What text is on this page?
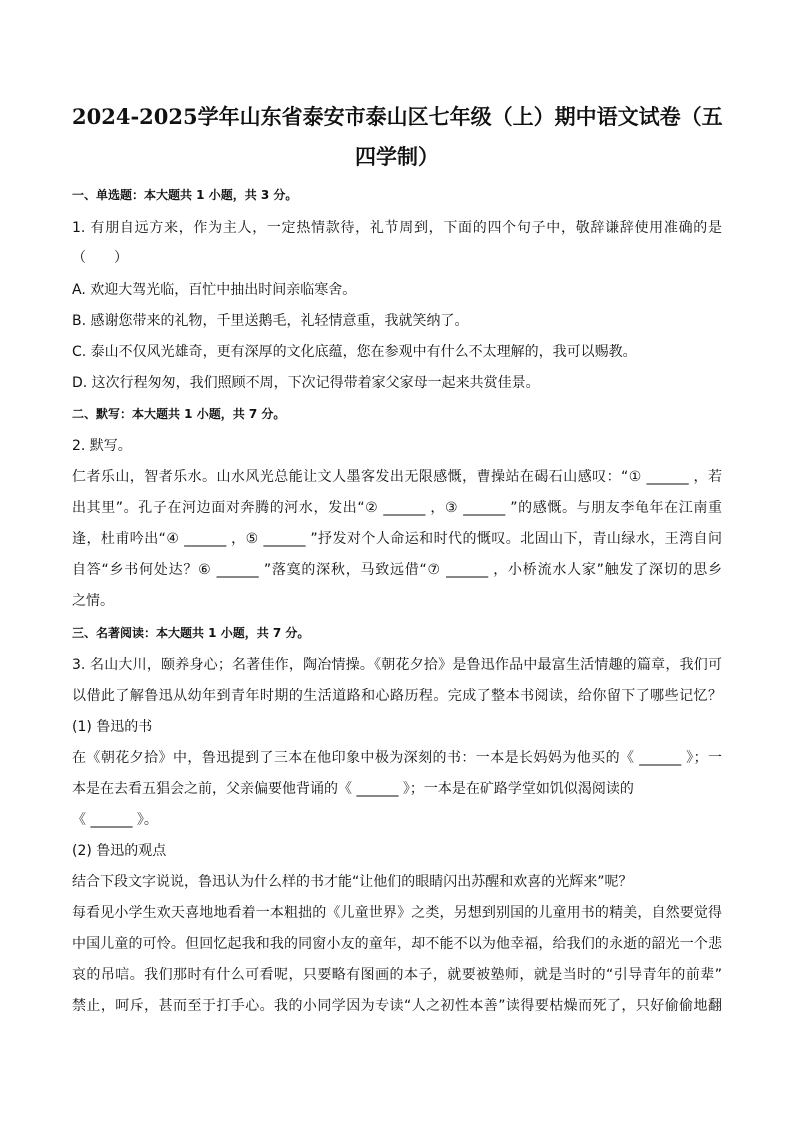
2024-2025学年山东省泰安市泰山区七年级（上）期中语文试卷（五
四学制）
一、单选题：本大题共 1 小题，共 3 分。
1. 有朋自远方来，作为主人，一定热情款待，礼节周到，下面的四个句子中，敬辞谦辞使用准确的是
（　　）
A. 欢迎大驾光临，百忙中抽出时间亲临寒舍。
B. 感谢您带来的礼物，千里送鹅毛，礼轻情意重，我就笑纳了。
C. 泰山不仅风光雄奇，更有深厚的文化底蕴，您在参观中有什么不太理解的，我可以赐教。
D. 这次行程匆匆，我们照顾不周，下次记得带着家父家母一起来共赏佳景。
二、默写：本大题共 1 小题，共 7 分。
2. 默写。
仁者乐山，智者乐水。山水风光总能让文人墨客发出无限感慨，曹操站在碣石山感叹：“① ______ ，若
出其里”。孔子在河边面对奔腾的河水，发出“② ______ ，③ ______ ”的感慨。与朋友李龟年在江南重
逢，杜甫吟出“④ ______ ，⑤ ______ ”抒发对个人命运和时代的慨叹。北固山下，青山绿水，王湾自问
自答“乡书何处达？⑥ ______ ”落寞的深秋，马致远借“⑦ ______ ，小桥流水人家”触发了深切的思乡
之情。
三、名著阅读：本大题共 1 小题，共 7 分。
3. 名山大川，颐养身心；名著佳作，陶冶情操。《朝花夕拾》是鲁迅作品中最富生活情趣的篇章，我们可
以借此了解鲁迅从幼年到青年时期的生活道路和心路历程。完成了整本书阅读，给你留下了哪些记忆？
(1) 鲁迅的书
在《朝花夕拾》中，鲁迅提到了三本在他印象中极为深刻的书：一本是长妈妈为他买的《 ______ 》；一
本是在去看五猖会之前，父亲偏要他背诵的《 ______ 》；一本是在矿路学堂如饥似渴阅读的
《 ______ 》。
(2) 鲁迅的观点
结合下段文字说说，鲁迅认为什么样的书才能“让他们的眼睛闪出苏醒和欢喜的光辉来”呢？
每看见小学生欢天喜地地看着一本粗拙的《儿童世界》之类，另想到别国的儿童用书的精美，自然要觉得
中国儿童的可怜。但回忆起我和我的同窗小友的童年，却不能不以为他幸福，给我们的永逝的韶光一个悲
哀的吊唁。我们那时有什么可看呢，只要略有图画的本子，就要被塾师，就是当时的“引导青年的前辈”
禁止，呵斥，甚而至于打手心。我的小同学因为专读“人之初性本善”读得要枯燥而死了，只好偷偷地翻
